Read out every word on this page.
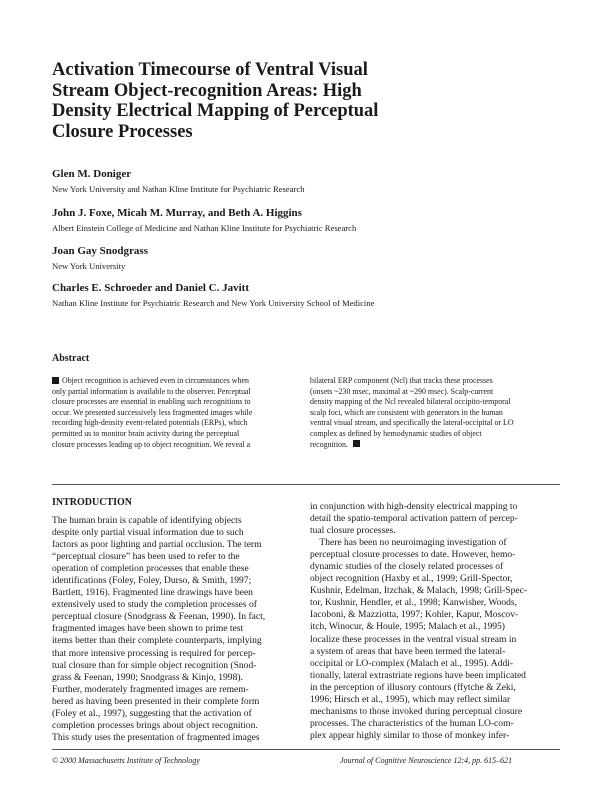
Activation Timecourse of Ventral Visual
Stream Object-recognition Areas: High
Density Electrical Mapping of Perceptual
Closure Processes
Glen M. Doniger
New York University and Nathan Kline Institute for Psychiatric Research
John J. Foxe, Micah M. Murray, and Beth A. Higgins
Albert Einstein College of Medicine and Nathan Kline Institute for Psychiatric Research
Joan Gay Snodgrass
New York University
Charles E. Schroeder and Daniel C. Javitt
Nathan Kline Institute for Psychiatric Research and New York University School of Medicine
Abstract
Object recognition is achieved even in circumstances when
only partial information is available to the observer. Perceptual
closure processes are essential in enabling such recognitions to
occur. We presented successively less fragmented images while
recording high-density event-related potentials (ERPs), which
permitted us to monitor brain activity during the perceptual
closure processes leading up to object recognition. We reveal a
bilateral ERP component (Ncl) that tracks these processes
(onsets ~230 msec, maximal at ~290 msec). Scalp-current
density mapping of the Ncl revealed bilateral occipito-temporal
scalp foci, which are consistent with generators in the human
ventral visual stream, and specifically the lateral-occipital or LO
complex as defined by hemodynamic studies of object
recognition.
INTRODUCTION
The human brain is capable of identifying objects
despite only partial visual information due to such
factors as poor lighting and partial occlusion. The term
“perceptual closure” has been used to refer to the
operation of completion processes that enable these
identifications (Foley, Foley, Durso, & Smith, 1997;
Bartlett, 1916). Fragmented line drawings have been
extensively used to study the completion processes of
perceptual closure (Snodgrass & Feenan, 1990). In fact,
fragmented images have been shown to prime test
items better than their complete counterparts, implying
that more intensive processing is required for percep-
tual closure than for simple object recognition (Snod-
grass & Feenan, 1990; Snodgrass & Kinjo, 1998).
Further, moderately fragmented images are remem-
bered as having been presented in their complete form
(Foley et al., 1997), suggesting that the activation of
completion processes brings about object recognition.
This study uses the presentation of fragmented images
in conjunction with high-density electrical mapping to
detail the spatio-temporal activation pattern of percep-
tual closure processes.
There has been no neuroimaging investigation of
perceptual closure processes to date. However, hemo-
dynamic studies of the closely related processes of
object recognition (Haxby et al., 1999; Grill-Spector,
Kushnir, Edelman, Itzchak, & Malach, 1998; Grill-Spec-
tor, Kushnir, Hendler, et al., 1998; Kanwisher, Woods,
Iacoboni, & Mazziotta, 1997; Kohler, Kapur, Moscov-
itch, Winocur, & Houle, 1995; Malach et al., 1995)
localize these processes in the ventral visual stream in
a system of areas that have been termed the lateral-
occipital or LO-complex (Malach et al., 1995). Addi-
tionally, lateral extrastriate regions have been implicated
in the perception of illusory contours (ffytche & Zeki,
1996; Hirsch et al., 1995), which may reflect similar
mechanisms to those invoked during perceptual closure
processes. The characteristics of the human LO-com-
plex appear highly similar to those of monkey infer-
© 2000 Massachusetts Institute of Technology	Journal of Cognitive Neuroscience 12:4, pp. 615–621
